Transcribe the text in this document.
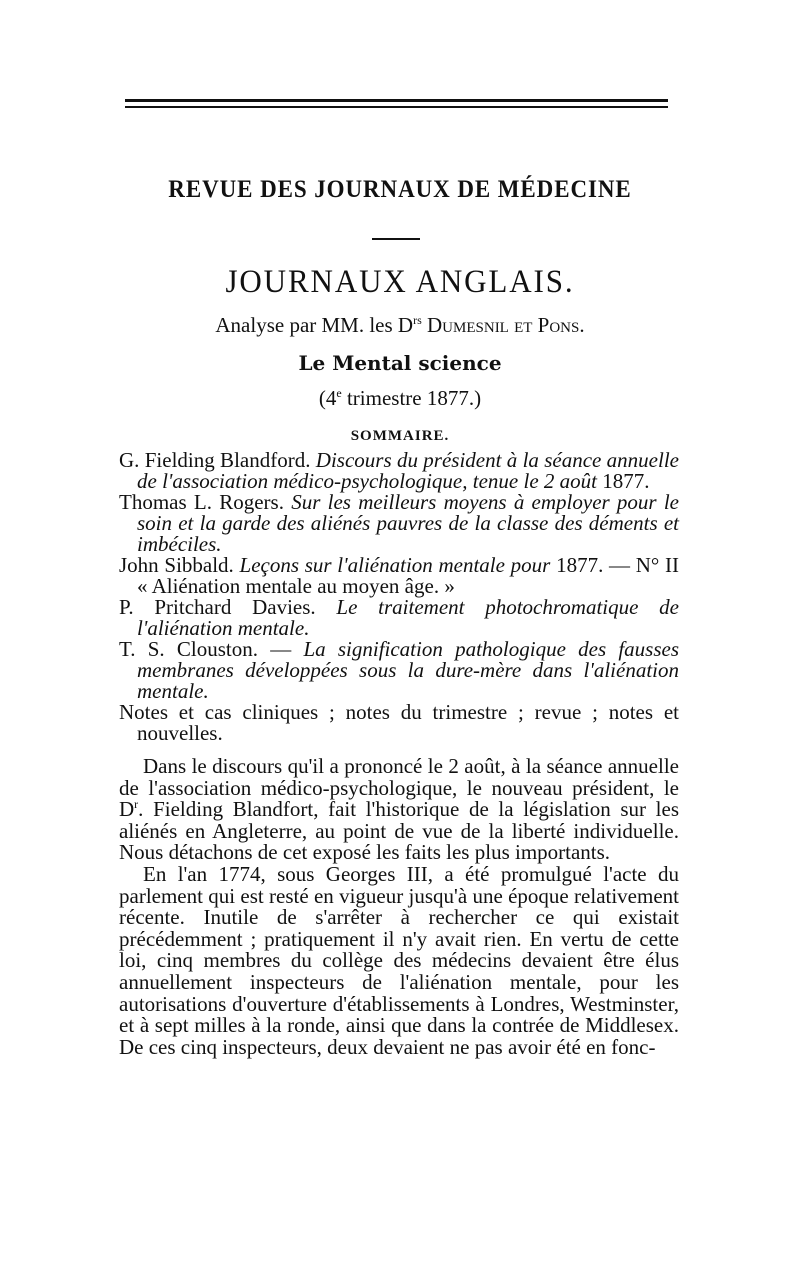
REVUE DES JOURNAUX DE MÉDECINE
JOURNAUX ANGLAIS.
Analyse par MM. les $D^{rs}$ Dumesnil et Pons.
Le Mental science
(4e trimestre 1877.)
SOMMAIRE.
G. Fielding Blandford. Discours du président à la séance annuelle de l'association médico-psychologique, tenue le 2 août 1877.
Thomas L. Rogers. Sur les meilleurs moyens à employer pour le soin et la garde des aliénés pauvres de la classe des déments et imbéciles.
John Sibbald. Leçons sur l'aliénation mentale pour 1877. — N° II « Aliénation mentale au moyen âge. »
P. Pritchard Davies. Le traitement photochromatique de l'aliénation mentale.
T. S. Clouston. — La signification pathologique des fausses membranes développées sous la dure-mère dans l'aliénation mentale.
Notes et cas cliniques ; notes du trimestre ; revue ; notes et nouvelles.

Dans le discours qu'il a prononcé le 2 août, à la séance annuelle de l'association médico-psychologique, le nouveau président, le $D^r$. Fielding Blandfort, fait l'historique de la législation sur les aliénés en Angleterre, au point de vue de la liberté individuelle. Nous détachons de cet exposé les faits les plus importants.

En l'an 1774, sous Georges III, a été promulgué l'acte du parlement qui est resté en vigueur jusqu'à une époque relativement récente. Inutile de s'arrêter à rechercher ce qui existait précédemment ; pratiquement il n'y avait rien. En vertu de cette loi, cinq membres du collège des médecins devaient être élus annuellement inspecteurs de l'aliénation mentale, pour les autorisations d'ouverture d'établissements à Londres, Westminster, et à sept milles à la ronde, ainsi que dans la contrée de Middlesex. De ces cinq inspecteurs, deux devaient ne pas avoir été en fonc-
